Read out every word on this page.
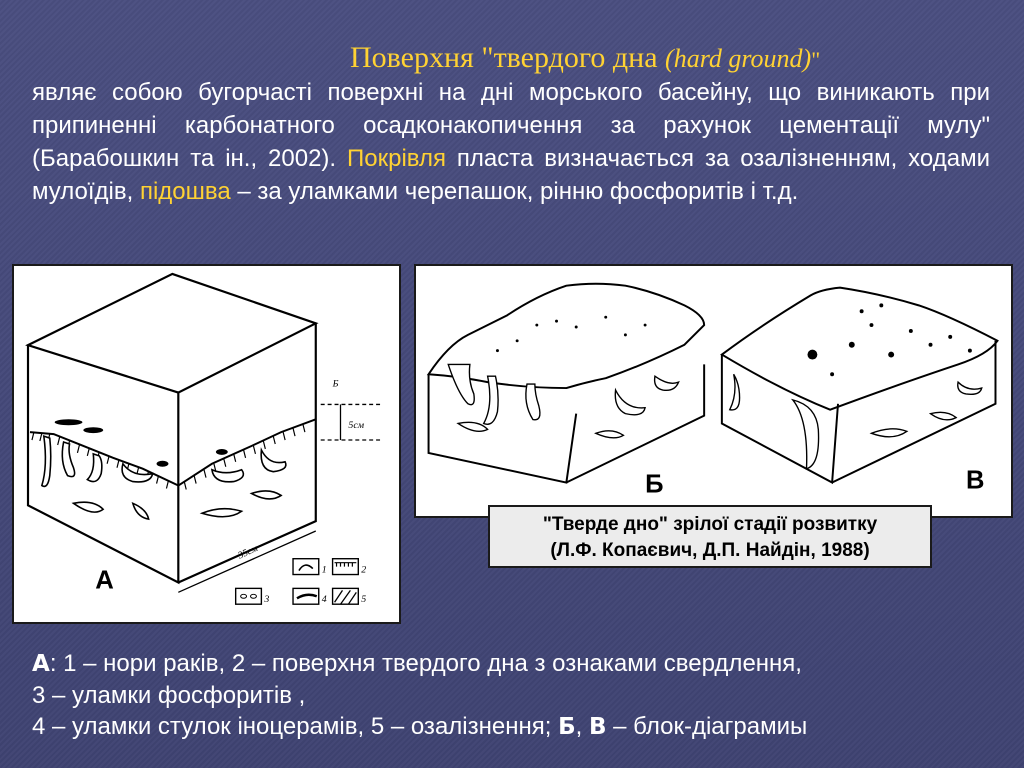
Поверхня "твердого дна (hard ground)"
являє собою бугорчасті поверхні на дні морського басейну, що виникають при припиненні карбонатного осадконакопичення за рахунок цементації мулу" (Барабошкин та ін., 2002). Покрівля пласта визначається за озалізненням, ходами мулоїдів, підошва – за уламками черепашок, рінню фосфоритів і т.д.
Б
5см
35см
1	2
3	4	5
А
Б	В
"Тверде дно" зрілої стадії розвитку
(Л.Ф. Копаєвич, Д.П. Найдін, 1988)
А: 1 – нори раків, 2 – поверхня твердого дна з ознаками свердлення,
3 – уламки фосфоритів ,
4 – уламки стулок іноцерамів, 5 – озалізнення; Б, В – блок-діаграмиы
